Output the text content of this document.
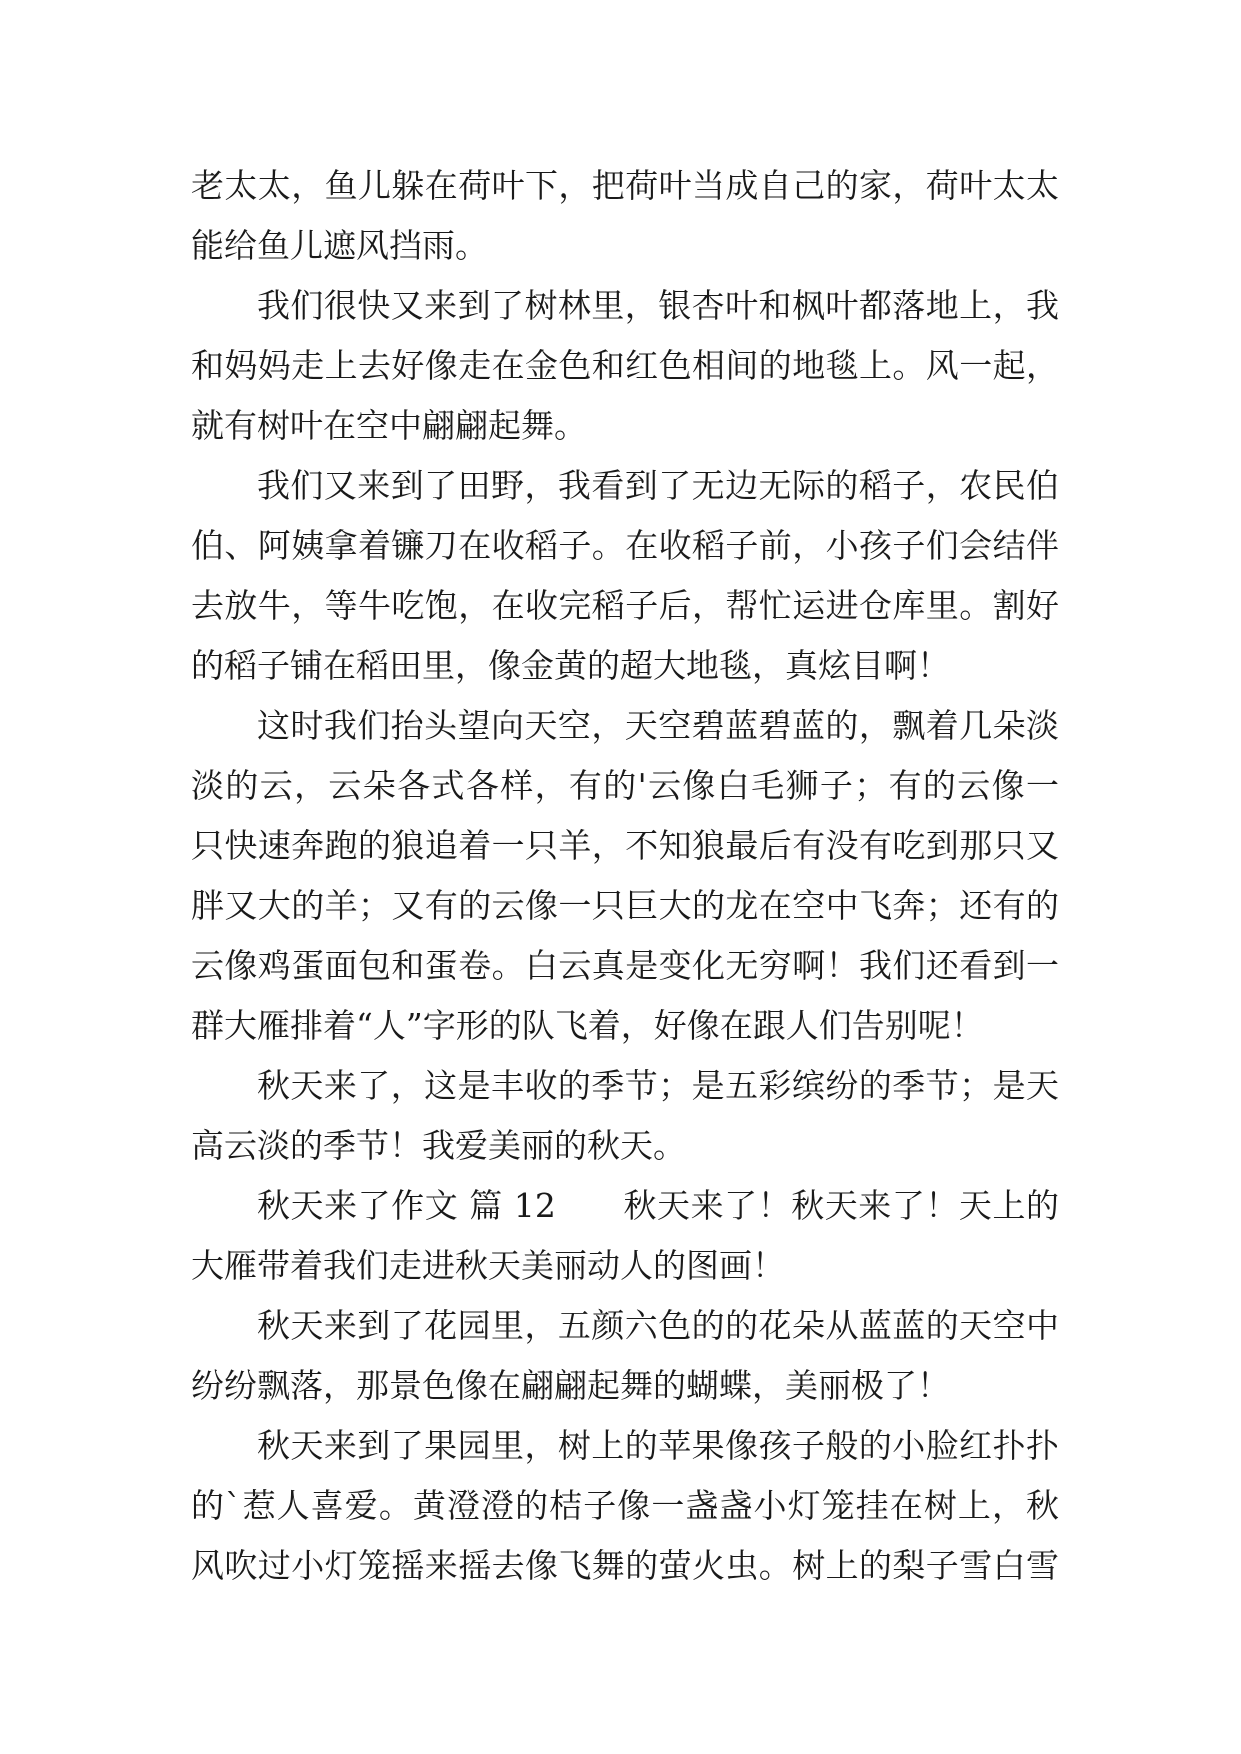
老太太，鱼儿躲在荷叶下，把荷叶当成自己的家，荷叶太太
能给鱼儿遮风挡雨。
我们很快又来到了树林里，银杏叶和枫叶都落地上，我
和妈妈走上去好像走在金色和红色相间的地毯上。风一起，
就有树叶在空中翩翩起舞。
我们又来到了田野，我看到了无边无际的稻子，农民伯
伯、阿姨拿着镰刀在收稻子。在收稻子前，小孩子们会结伴
去放牛，等牛吃饱，在收完稻子后，帮忙运进仓库里。割好
的稻子铺在稻田里，像金黄的超大地毯，真炫目啊！
这时我们抬头望向天空，天空碧蓝碧蓝的，飘着几朵淡
淡的云，云朵各式各样，有的'云像白毛狮子；有的云像一
只快速奔跑的狼追着一只羊，不知狼最后有没有吃到那只又
胖又大的羊；又有的云像一只巨大的龙在空中飞奔；还有的
云像鸡蛋面包和蛋卷。白云真是变化无穷啊！我们还看到一
群大雁排着“人”字形的队飞着，好像在跟人们告别呢！
秋天来了，这是丰收的季节；是五彩缤纷的季节；是天
高云淡的季节！我爱美丽的秋天。
秋天来了作文 篇 12　　秋天来了！秋天来了！天上的
大雁带着我们走进秋天美丽动人的图画！
秋天来到了花园里，五颜六色的的花朵从蓝蓝的天空中
纷纷飘落，那景色像在翩翩起舞的蝴蝶，美丽极了！
秋天来到了果园里，树上的苹果像孩子般的小脸红扑扑
的`惹人喜爱。黄澄澄的桔子像一盏盏小灯笼挂在树上，秋
风吹过小灯笼摇来摇去像飞舞的萤火虫。树上的梨子雪白雪
